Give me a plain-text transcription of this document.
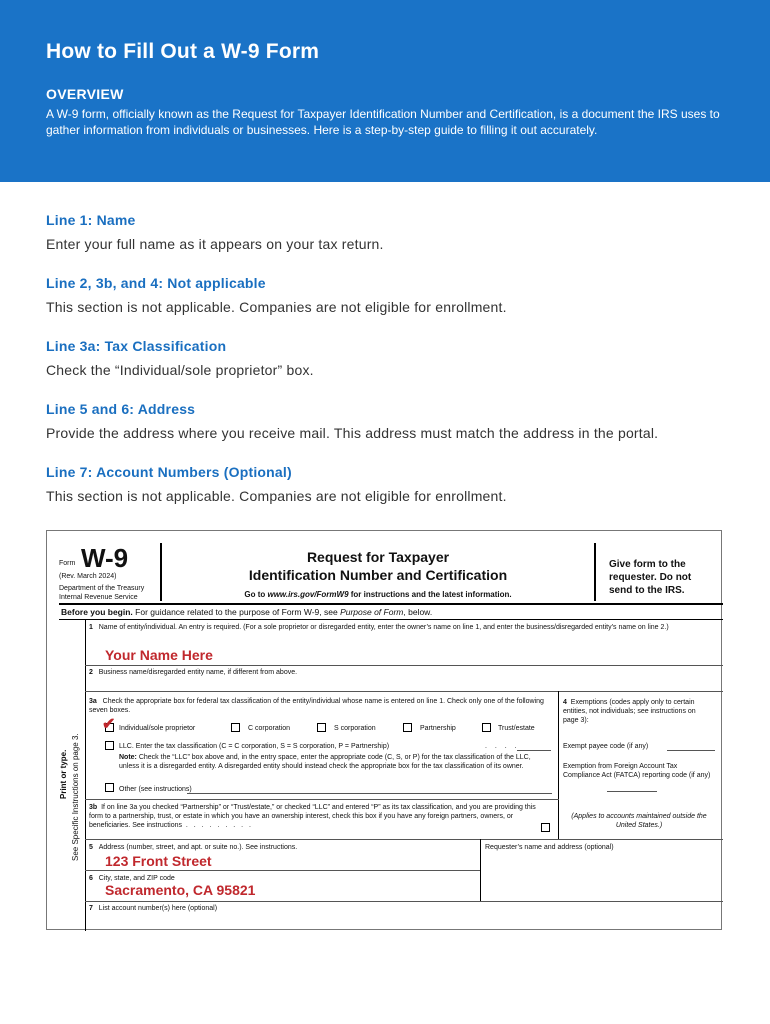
How to Fill Out a W-9 Form
OVERVIEW

A W-9 form, officially known as the Request for Taxpayer Identification Number and Certification, is a document the IRS uses to gather information from individuals or businesses. Here is a step-by-step guide to filling it out accurately.

Line 1: Name

Enter your full name as it appears on your tax return.

Line 2, 3b, and 4: Not applicable

This section is not applicable. Companies are not eligible for enrollment.

Line 3a: Tax Classification

Check the “Individual/sole proprietor” box.

Line 5 and 6: Address

Provide the address where you receive mail. This address must match the address in the portal.

Line 7: Account Numbers (Optional)

This section is not applicable. Companies are not eligible for enrollment.

Form W-9
(Rev. March 2024)
Department of the Treasury
Internal Revenue Service
Request for Taxpayer
Identification Number and Certification
Go to www.irs.gov/FormW9 for instructions and the latest information.
Give form to the requester. Do not send to the IRS.
Before you begin. For guidance related to the purpose of Form W-9, see Purpose of Form, below.
Print or type. See Specific Instructions on page 3.
1 Name of entity/individual. An entry is required. (For a sole proprietor or disregarded entity, enter the owner’s name on line 1, and enter the business/disregarded entity’s name on line 2.)
Your Name Here
2 Business name/disregarded entity name, if different from above.
3a Check the appropriate box for federal tax classification of the entity/individual whose name is entered on line 1. Check only one of the following seven boxes.
✔ Individual/sole proprietor	C corporation	S corporation	Partnership	Trust/estate
LLC. Enter the tax classification (C = C corporation, S = S corporation, P = Partnership)	. . . .
Note: Check the “LLC” box above and, in the entry space, enter the appropriate code (C, S, or P) for the tax classification of the LLC, unless it is a disregarded entity. A disregarded entity should instead check the appropriate box for the tax classification of its owner.
Other (see instructions)
4 Exemptions (codes apply only to certain entities, not individuals; see instructions on page 3):
Exempt payee code (if any)
Exemption from Foreign Account Tax Compliance Act (FATCA) reporting code (if any)
(Applies to accounts maintained outside the United States.)
3b If on line 3a you checked “Partnership” or “Trust/estate,” or checked “LLC” and entered “P” as its tax classification, and you are providing this form to a partnership, trust, or estate in which you have an ownership interest, check this box if you have any foreign partners, owners, or beneficiaries. See instructions . . . . . . . . .
5 Address (number, street, and apt. or suite no.). See instructions.
123 Front Street
Requester’s name and address (optional)
6 City, state, and ZIP code
Sacramento, CA 95821
7 List account number(s) here (optional)
